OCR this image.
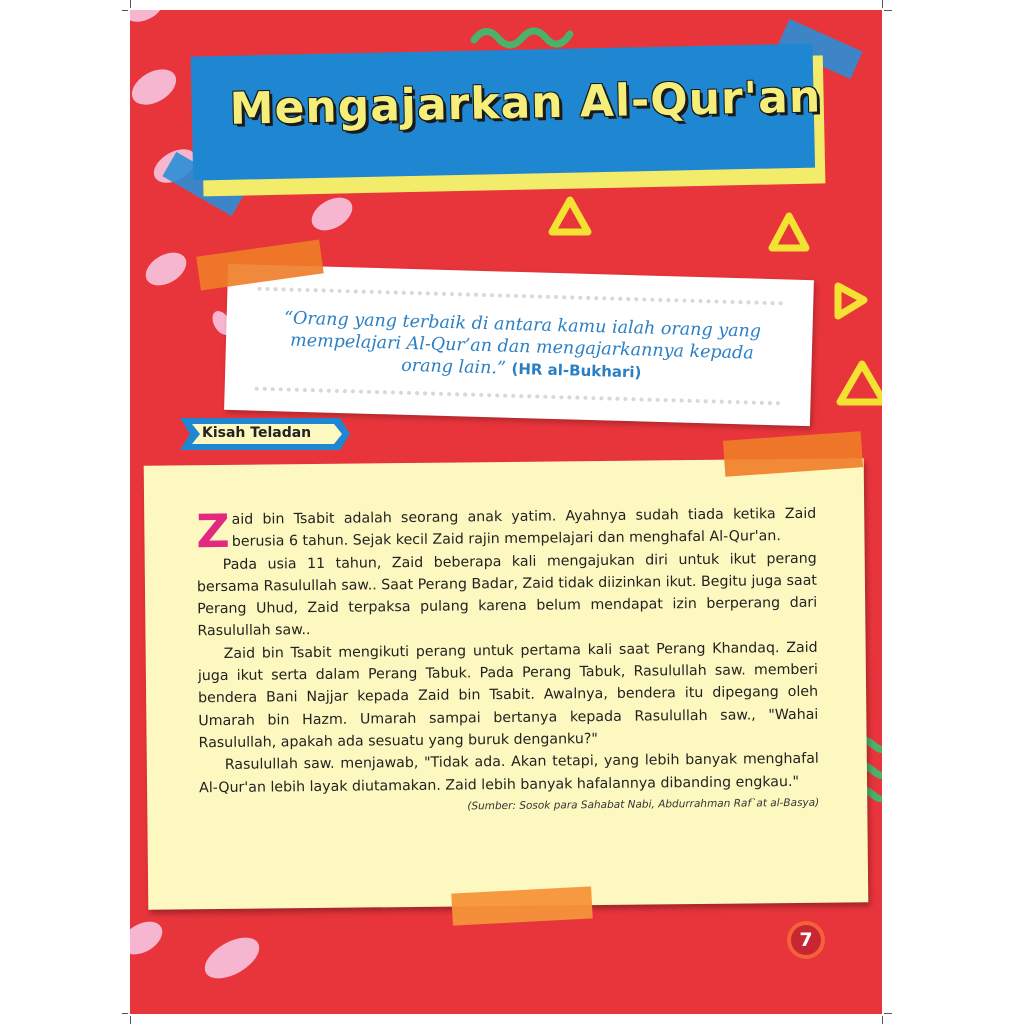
Mengajarkan Al-Qur'an
“Orang yang terbaik di antara kamu ialah orang yang mempelajari Al-Qur’an dan mengajarkannya kepada orang lain.” (HR al-Bukhari)
Kisah Teladan

Zaid bin Tsabit adalah seorang anak yatim. Ayahnya sudah tiada ketika Zaid berusia 6 tahun. Sejak kecil Zaid rajin mempelajari dan menghafal Al-Qur'an.

Pada usia 11 tahun, Zaid beberapa kali mengajukan diri untuk ikut perang bersama Rasulullah saw.. Saat Perang Badar, Zaid tidak diizinkan ikut. Begitu juga saat Perang Uhud, Zaid terpaksa pulang karena belum mendapat izin berperang dari Rasulullah saw..

Zaid bin Tsabit mengikuti perang untuk pertama kali saat Perang Khandaq. Zaid juga ikut serta dalam Perang Tabuk. Pada Perang Tabuk, Rasulullah saw. memberi bendera Bani Najjar kepada Zaid bin Tsabit. Awalnya, bendera itu dipegang oleh Umarah bin Hazm. Umarah sampai bertanya kepada Rasulullah saw., "Wahai Rasulullah, apakah ada sesuatu yang buruk denganku?"

Rasulullah saw. menjawab, "Tidak ada. Akan tetapi, yang lebih banyak menghafal Al-Qur'an lebih layak diutamakan. Zaid lebih banyak hafalannya dibanding engkau."

(Sumber: Sosok para Sahabat Nabi, Abdurrahman Raf`at al-Basya)
7
